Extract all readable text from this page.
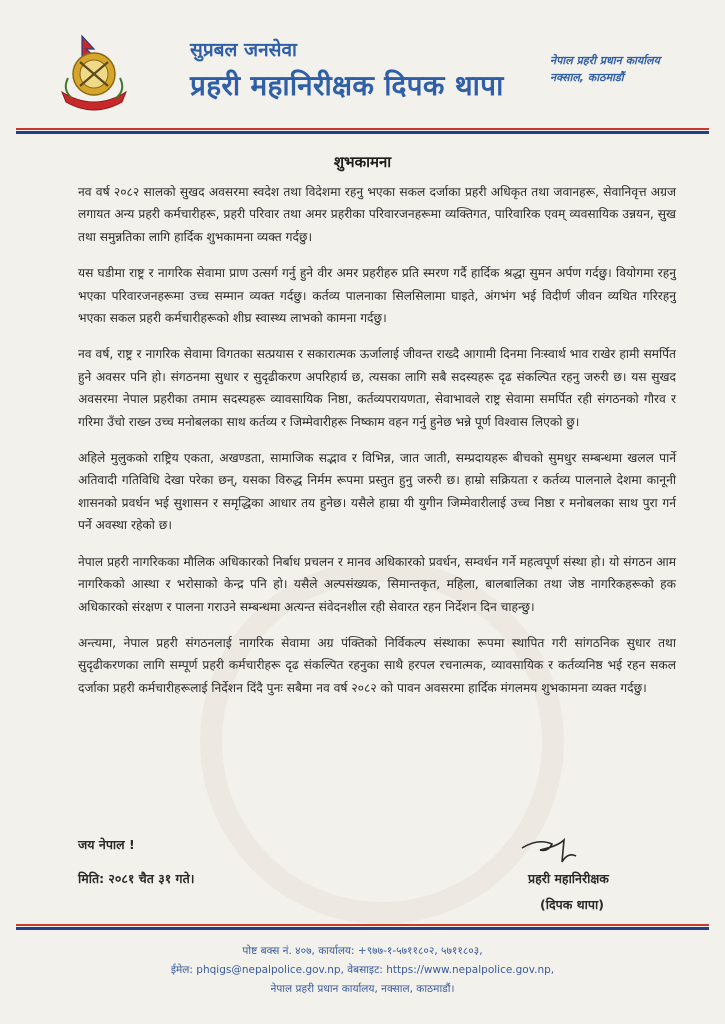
सुप्रबल जनसेवा
प्रहरी महानिरीक्षक दिपक थापा
नेपाल प्रहरी प्रधान कार्यालय
नक्साल, काठमाडौं
शुभकामना

नव वर्ष २०८२ सालको सुखद अवसरमा स्वदेश तथा विदेशमा रहनु भएका सकल दर्जाका प्रहरी अधिकृत तथा जवानहरू, सेवानिवृत्त अग्रज लगायत अन्य प्रहरी कर्मचारीहरू, प्रहरी परिवार तथा अमर प्रहरीका परिवारजनहरूमा व्यक्तिगत, पारिवारिक एवम् व्यवसायिक उन्नयन, सुख तथा समुन्नतिका लागि हार्दिक शुभकामना व्यक्त गर्दछु।

यस घडीमा राष्ट्र र नागरिक सेवामा प्राण उत्सर्ग गर्नु हुने वीर अमर प्रहरीहरु प्रति स्मरण गर्दै हार्दिक श्रद्धा सुमन अर्पण गर्दछु। वियोगमा रहनु भएका परिवारजनहरूमा उच्च सम्मान व्यक्त गर्दछु। कर्तव्य पालनाका सिलसिलामा घाइते, अंगभंग भई विदीर्ण जीवन व्यथित गरिरहनु भएका सकल प्रहरी कर्मचारीहरूको शीघ्र स्वास्थ्य लाभको कामना गर्दछु।

नव वर्ष, राष्ट्र र नागरिक सेवामा विगतका सत्प्रयास र सकारात्मक ऊर्जालाई जीवन्त राख्दै आगामी दिनमा निःस्वार्थ भाव राखेर हामी समर्पित हुने अवसर पनि हो। संगठनमा सुधार र सुदृढीकरण अपरिहार्य छ, त्यसका लागि सबै सदस्यहरू दृढ संकल्पित रहनु जरुरी छ। यस सुखद अवसरमा नेपाल प्रहरीका तमाम सदस्यहरू व्यावसायिक निष्ठा, कर्तव्यपरायणता, सेवाभावले राष्ट्र सेवामा समर्पित रही संगठनको गौरव र गरिमा उँचो राख्न उच्च मनोबलका साथ कर्तव्य र जिम्मेवारीहरू निष्काम वहन गर्नु हुनेछ भन्ने पूर्ण विश्वास लिएको छु।

अहिले मुलुकको राष्ट्रिय एकता, अखण्डता, सामाजिक सद्भाव र विभिन्न, जात जाती, सम्प्रदायहरू बीचको सुमधुर सम्बन्धमा खलल पार्ने अतिवादी गतिविधि देखा परेका छन्, यसका विरुद्ध निर्मम रूपमा प्रस्तुत हुनु जरुरी छ। हाम्रो सक्रियता र कर्तव्य पालनाले देशमा कानूनी शासनको प्रवर्धन भई सुशासन र समृद्धिका आधार तय हुनेछ। यसैले हाम्रा यी युगीन जिम्मेवारीलाई उच्च निष्ठा र मनोबलका साथ पुरा गर्न पर्ने अवस्था रहेको छ।

नेपाल प्रहरी नागरिकका मौलिक अधिकारको निर्बाध प्रचलन र मानव अधिकारको प्रवर्धन, सम्वर्धन गर्ने महत्वपूर्ण संस्था हो। यो संगठन आम नागरिकको आस्था र भरोसाको केन्द्र पनि हो। यसैले अल्पसंख्यक, सिमान्तकृत, महिला, बालबालिका तथा जेष्ठ नागरिकहरूको हक अधिकारको संरक्षण र पालना गराउने सम्बन्धमा अत्यन्त संवेदनशील रही सेवारत रहन निर्देशन दिन चाहन्छु।

अन्त्यमा, नेपाल प्रहरी संगठनलाई नागरिक सेवामा अग्र पंक्तिको निर्विकल्प संस्थाका रूपमा स्थापित गरी सांगठनिक सुधार तथा सुदृढीकरणका लागि सम्पूर्ण प्रहरी कर्मचारीहरू दृढ संकल्पित रहनुका साथै हरपल रचनात्मक, व्यावसायिक र कर्तव्यनिष्ठ भई रहन सकल दर्जाका प्रहरी कर्मचारीहरूलाई निर्देशन दिंदै पुनः सबैमा नव वर्ष २०८२ को पावन अवसरमा हार्दिक मंगलमय शुभकामना व्यक्त गर्दछु।

जय नेपाल !
मिति: २०८१ चैत ३१ गते।	प्रहरी महानिरीक्षक
(दिपक थापा)
पोष्ट बक्स नं. ४०७, कार्यालय: +९७७-१-५७११८०२, ५७११८०३,
ईमेल: phqigs@nepalpolice.gov.np, वेबसाइट: https://www.nepalpolice.gov.np,
नेपाल प्रहरी प्रधान कार्यालय, नक्साल, काठमाडौं।
